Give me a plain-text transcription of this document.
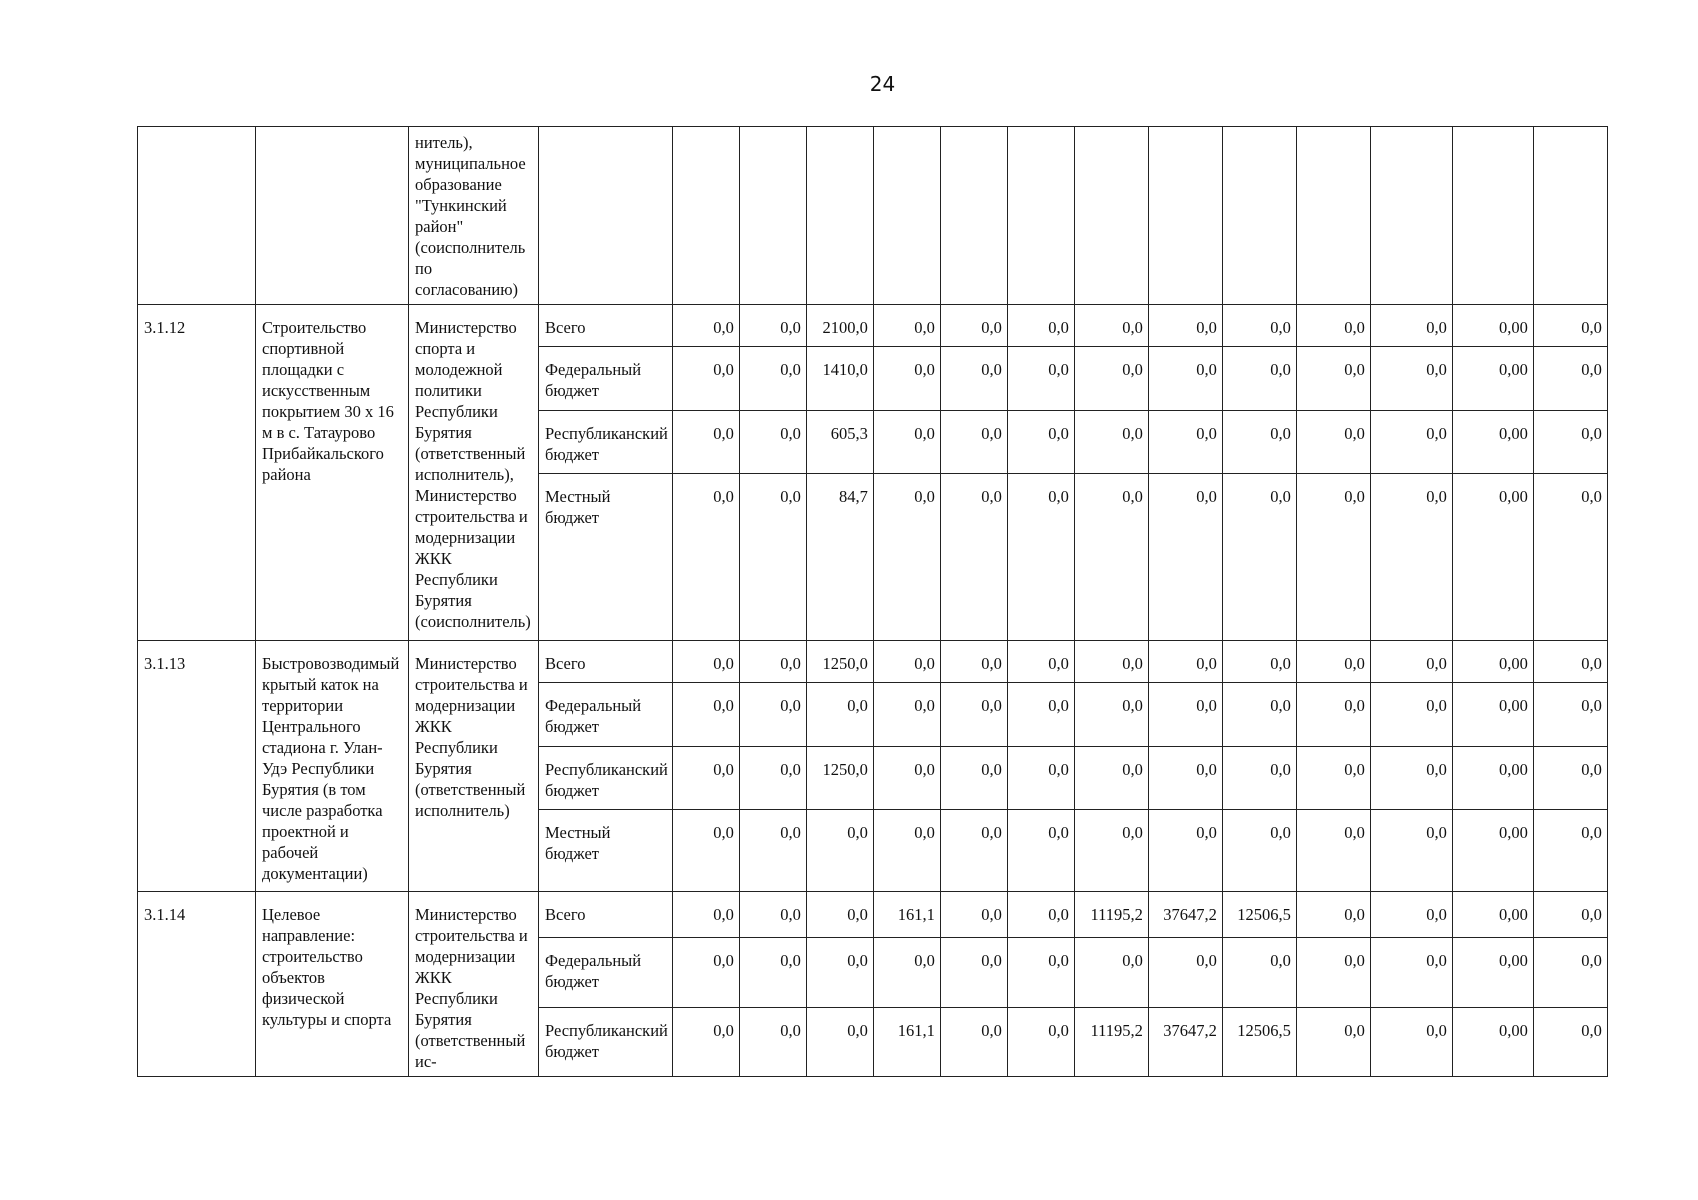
24
		нитель), муниципальное образование "Тункинский район" (соисполнитель по согласованию)														
3.1.12	Строительство спортивной площадки с искусственным покрытием 30 х 16 м в с. Татаурово Прибайкальского района	Министерство спорта и молодежной политики Республики Бурятия (ответственный исполнитель), Министерство строительства и модернизации ЖКК Республики Бурятия (соисполнитель)	Всего	0,0	0,0	2100,0	0,0	0,0	0,0	0,0	0,0	0,0	0,0	0,0	0,00	0,0
			Федеральный бюджет	0,0	0,0	1410,0	0,0	0,0	0,0	0,0	0,0	0,0	0,0	0,0	0,00	0,0
			Республиканский бюджет	0,0	0,0	605,3	0,0	0,0	0,0	0,0	0,0	0,0	0,0	0,0	0,00	0,0
			Местный бюджет	0,0	0,0	84,7	0,0	0,0	0,0	0,0	0,0	0,0	0,0	0,0	0,00	0,0
3.1.13	Быстровозводимый крытый каток на территории Центрального стадиона г. Улан-Удэ Республики Бурятия (в том числе разработка проектной и рабочей документации)	Министерство строительства и модернизации ЖКК Республики Бурятия (ответственный исполнитель)	Всего	0,0	0,0	1250,0	0,0	0,0	0,0	0,0	0,0	0,0	0,0	0,0	0,00	0,0
			Федеральный бюджет	0,0	0,0	0,0	0,0	0,0	0,0	0,0	0,0	0,0	0,0	0,0	0,00	0,0
			Республиканский бюджет	0,0	0,0	1250,0	0,0	0,0	0,0	0,0	0,0	0,0	0,0	0,0	0,00	0,0
			Местный бюджет	0,0	0,0	0,0	0,0	0,0	0,0	0,0	0,0	0,0	0,0	0,0	0,00	0,0
3.1.14	Целевое направление: строительство объектов физической культуры и спорта	Министерство строительства и модернизации ЖКК Республики Бурятия (ответственный ис-	Всего	0,0	0,0	0,0	161,1	0,0	0,0	11195,2	37647,2	12506,5	0,0	0,0	0,00	0,0
			Федеральный бюджет	0,0	0,0	0,0	0,0	0,0	0,0	0,0	0,0	0,0	0,0	0,0	0,00	0,0
			Республиканский бюджет	0,0	0,0	0,0	161,1	0,0	0,0	11195,2	37647,2	12506,5	0,0	0,0	0,00	0,0
